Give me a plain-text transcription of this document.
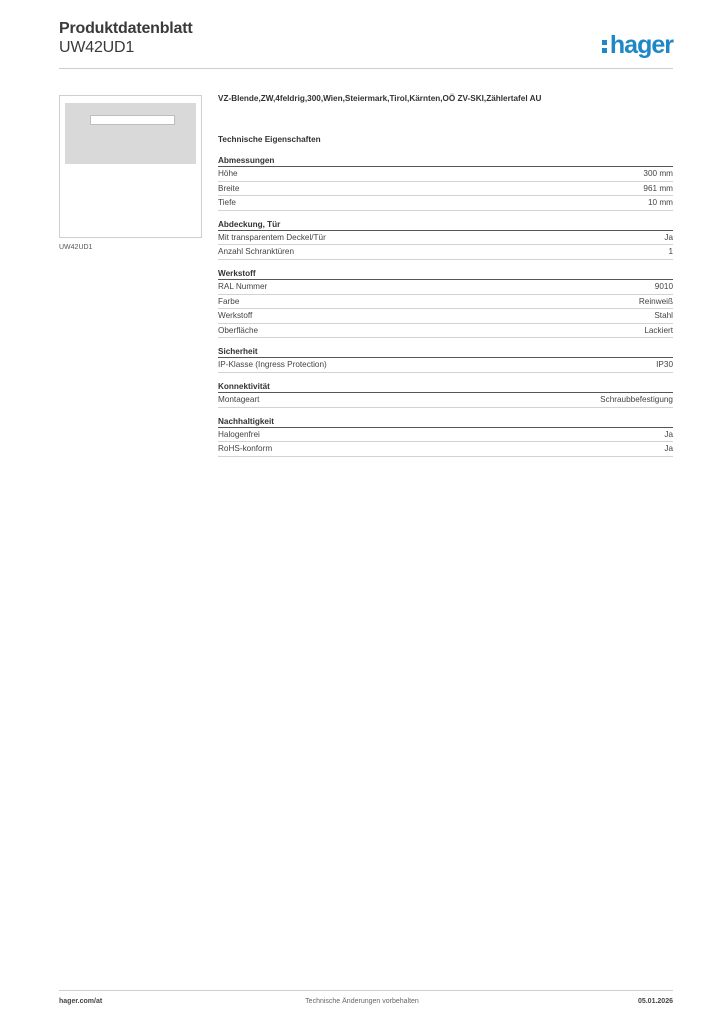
Produktdatenblatt
UW42UD1	hager
UW42UD1
VZ-Blende,ZW,4feldrig,300,Wien,Steiermark,Tirol,Kärnten,OÖ ZV-SKI,Zählertafel AU
Technische Eigenschaften
Abmessungen
Höhe	300 mm
Breite	961 mm
Tiefe	10 mm
Abdeckung, Tür
Mit transparentem Deckel/Tür	Ja
Anzahl Schranktüren	1
Werkstoff
RAL Nummer	9010
Farbe	Reinweiß
Werkstoff	Stahl
Oberfläche	Lackiert
Sicherheit
IP-Klasse (Ingress Protection)	IP30
Konnektivität
Montageart	Schraubbefestigung
Nachhaltigkeit
Halogenfrei	Ja
RoHS-konform	Ja
hager.com/at	Technische Änderungen vorbehalten	05.01.2026
